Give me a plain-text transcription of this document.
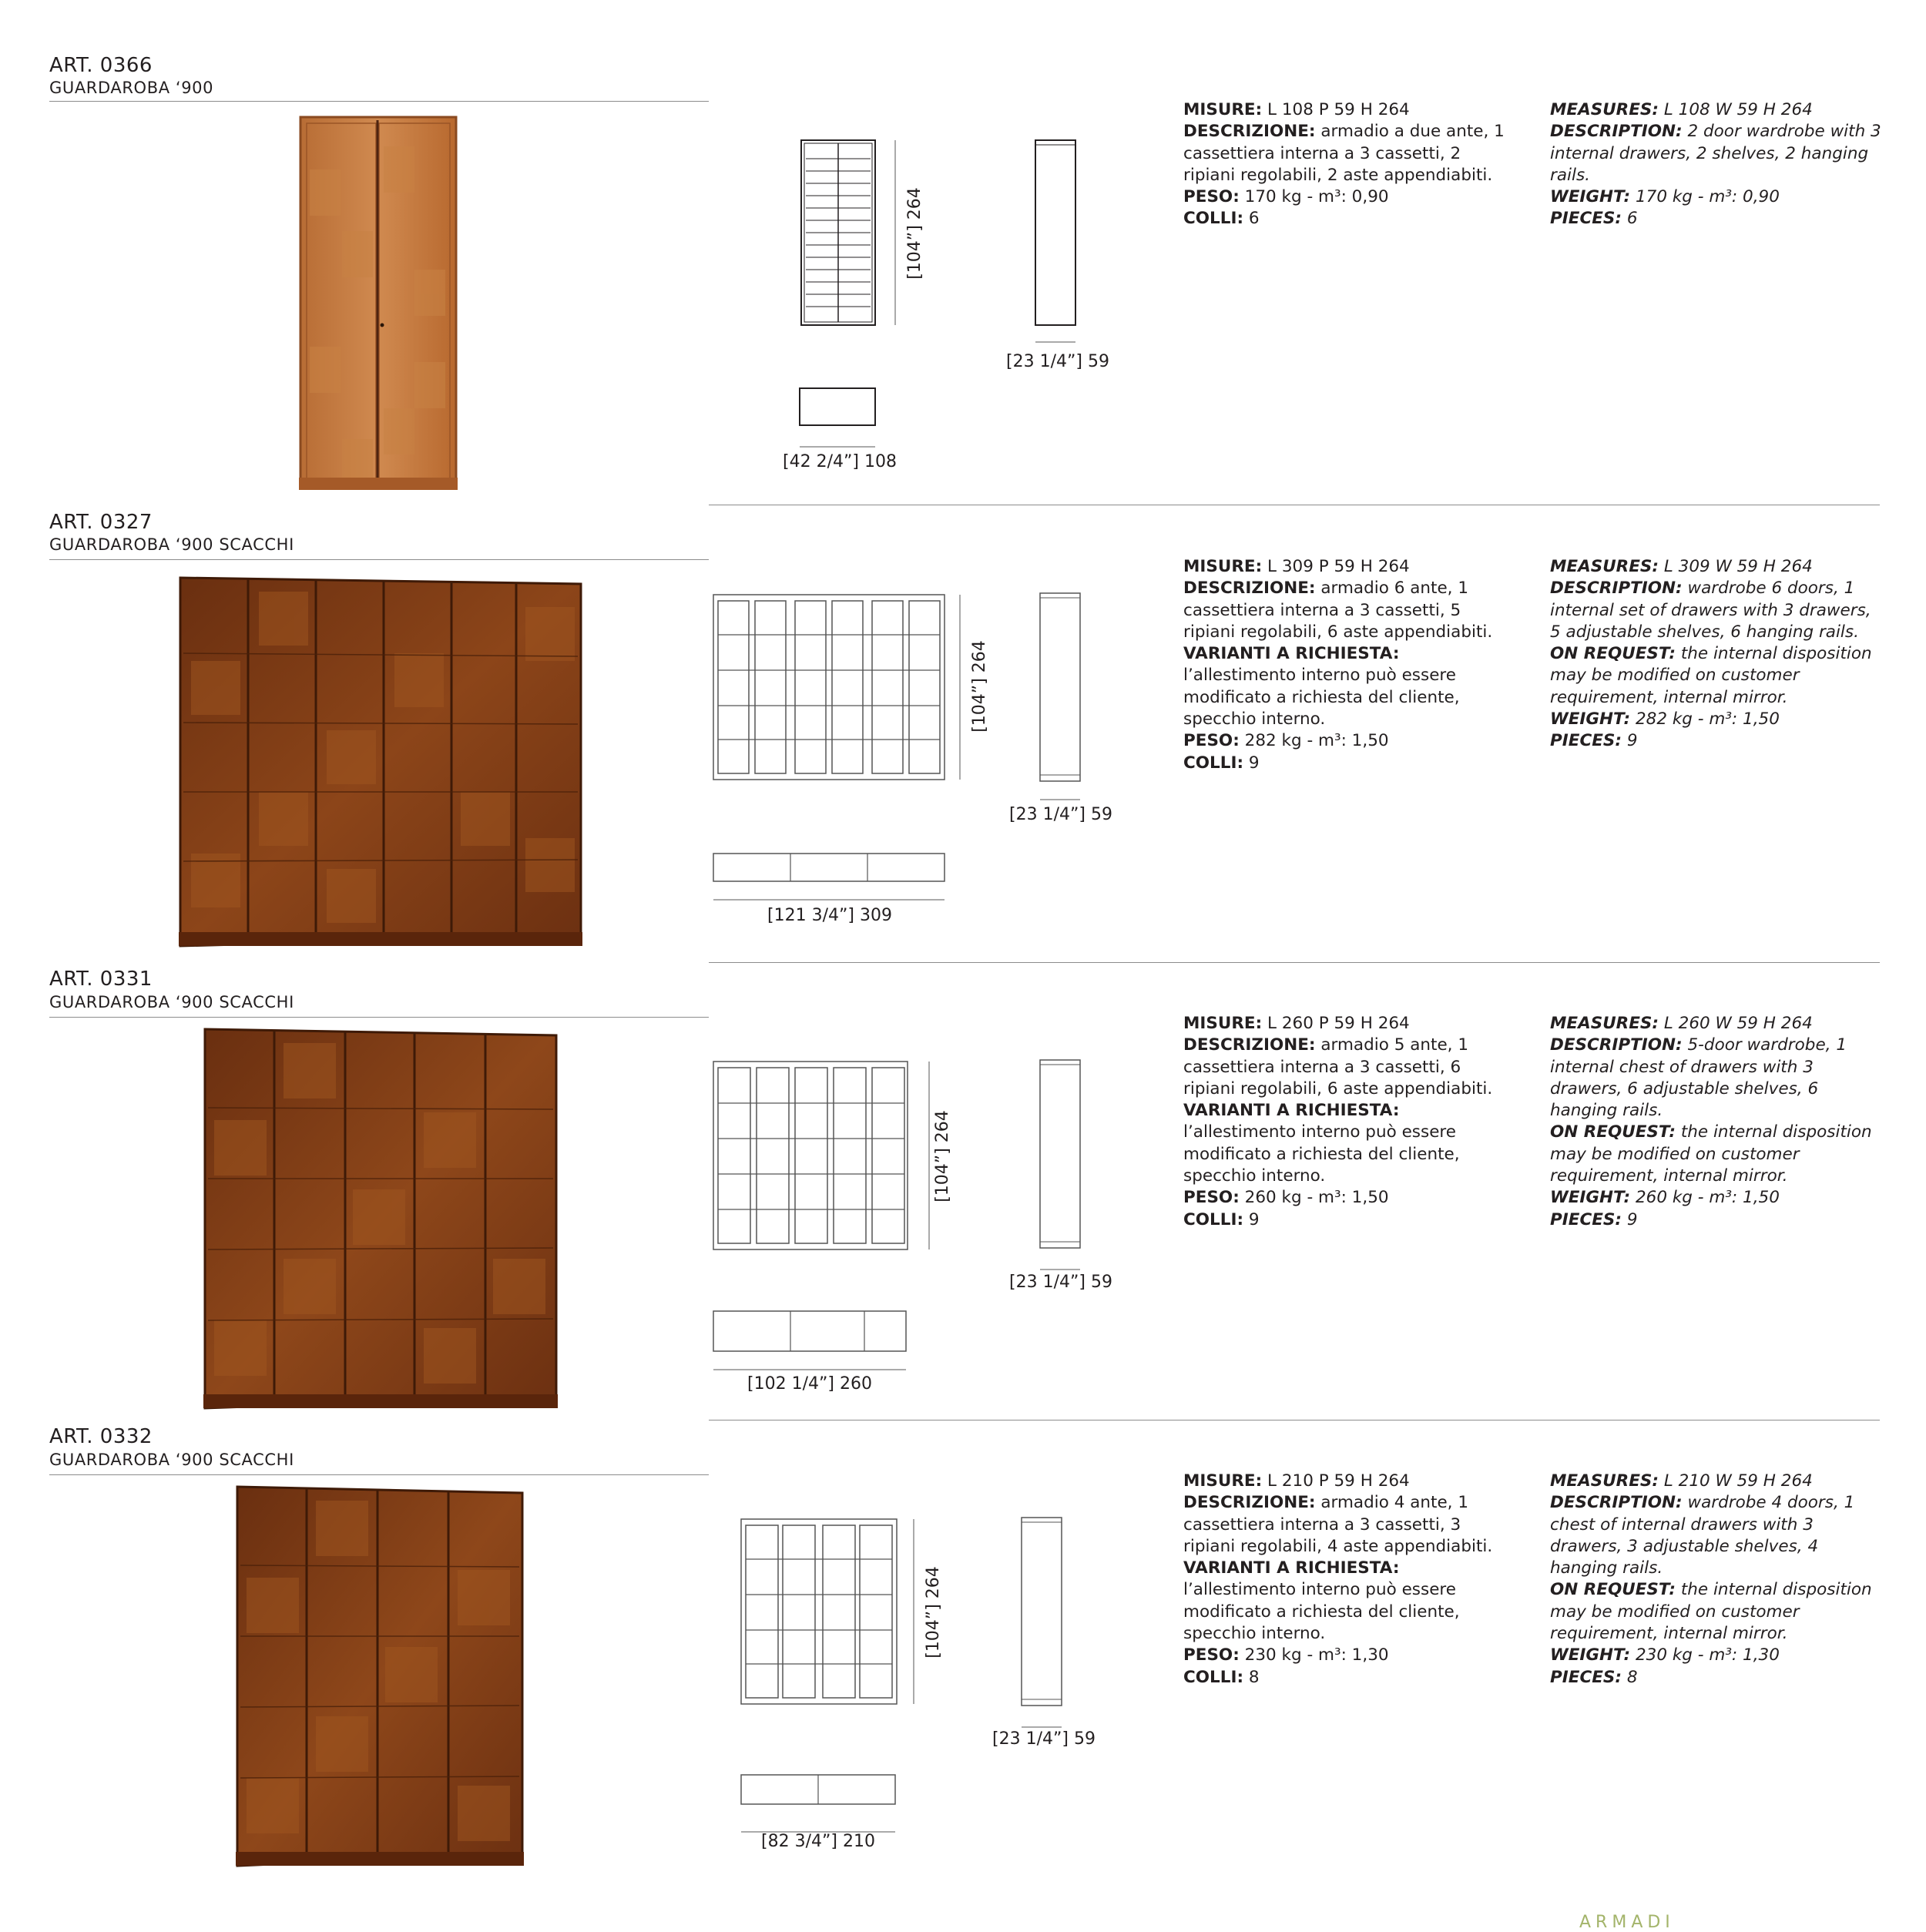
ART. 0366
GUARDAROBA ‘900
[104”] 264
[23 1/4”] 59
[42 2/4”] 108

MISURE: L 108 P 59 H 264

DESCRIZIONE: armadio a due ante, 1 cassettiera interna a 3 cassetti, 2 ripiani regolabili, 2 aste appendiabiti.

PESO: 170 kg - m³: 0,90

COLLI: 6

MEASURES: L 108 W 59 H 264

DESCRIPTION: 2 door wardrobe with 3 internal drawers, 2 shelves, 2 hanging rails.

WEIGHT: 170 kg - m³: 0,90

PIECES: 6

ART. 0327
GUARDAROBA ‘900 SCACCHI
[104”] 264
[23 1/4”] 59
[121 3/4”] 309

MISURE: L 309 P 59 H 264

DESCRIZIONE: armadio 6 ante, 1 cassettiera interna a 3 cassetti, 5 ripiani regolabili, 6 aste appendiabiti.

VARIANTI A RICHIESTA: l’allestimento interno può essere modificato a richiesta del cliente, specchio interno.

PESO: 282 kg - m³: 1,50

COLLI: 9

MEASURES: L 309 W 59 H 264

DESCRIPTION: wardrobe 6 doors, 1 internal set of drawers with 3 drawers, 5 adjustable shelves, 6 hanging rails.

ON REQUEST: the internal disposition may be modified on customer requirement, internal mirror.

WEIGHT: 282 kg - m³: 1,50

PIECES: 9

ART. 0331
GUARDAROBA ‘900 SCACCHI
[104”] 264
[23 1/4”] 59
[102 1/4”] 260

MISURE: L 260 P 59 H 264

DESCRIZIONE: armadio 5 ante, 1 cassettiera interna a 3 cassetti, 6 ripiani regolabili, 6 aste appendiabiti.

VARIANTI A RICHIESTA: l’allestimento interno può essere modificato a richiesta del cliente, specchio interno.

PESO: 260 kg - m³: 1,50

COLLI: 9

MEASURES: L 260 W 59 H 264

DESCRIPTION: 5-door wardrobe, 1 internal chest of drawers with 3 drawers, 6 adjustable shelves, 6 hanging rails.

ON REQUEST: the internal disposition may be modified on customer requirement, internal mirror.

WEIGHT: 260 kg - m³: 1,50

PIECES: 9

ART. 0332
GUARDAROBA ‘900 SCACCHI
[104”] 264
[23 1/4”] 59
[82 3/4”] 210

MISURE: L 210 P 59 H 264

DESCRIZIONE: armadio 4 ante, 1 cassettiera interna a 3 cassetti, 3 ripiani regolabili, 4 aste appendiabiti.

VARIANTI A RICHIESTA: l’allestimento interno può essere modificato a richiesta del cliente, specchio interno.

PESO: 230 kg - m³: 1,30

COLLI: 8

MEASURES: L 210 W 59 H 264

DESCRIPTION: wardrobe 4 doors, 1 chest of internal drawers with 3 drawers, 3 adjustable shelves, 4 hanging rails.

ON REQUEST: the internal disposition may be modified on customer requirement, internal mirror.

WEIGHT: 230 kg - m³: 1,30

PIECES: 8

ARMADI
